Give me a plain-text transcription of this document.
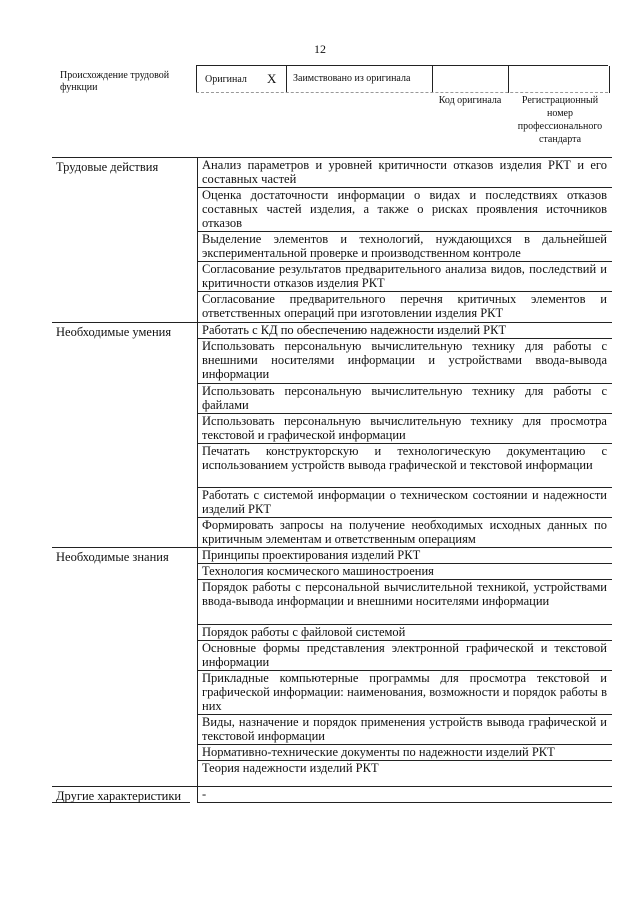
12
Происхождение трудовой функции
Оригинал X Заимствовано из оригинала
Код оригинала	Регистрационный номер профессионального стандарта
Трудовые действия
Необходимые умения
Необходимые знания
Другие характеристики
Анализ параметров и уровней критичности отказов изделия РКТ и его составных частей
Оценка достаточности информации о видах и последствиях отказов составных частей изделия, а также о рисках проявления источников отказов
Выделение элементов и технологий, нуждающихся в дальнейшей экспериментальной проверке и производственном контроле
Согласование результатов предварительного анализа видов, последствий и критичности отказов изделия РКТ
Согласование предварительного перечня критичных элементов и ответственных операций при изготовлении изделия РКТ
Работать с КД по обеспечению надежности изделий РКТ
Использовать персональную вычислительную технику для работы с внешними носителями информации и устройствами ввода-вывода информации
Использовать персональную вычислительную технику для работы с файлами
Использовать персональную вычислительную технику для просмотра текстовой и графической информации
Печатать конструкторскую и технологическую документацию с использованием устройств вывода графической и текстовой информации
Работать с системой информации о техническом состоянии и надежности изделий РКТ
Формировать запросы на получение необходимых исходных данных по критичным элементам и ответственным операциям
Принципы проектирования изделий РКТ
Технология космического машиностроения
Порядок работы с персональной вычислительной техникой, устройствами ввода-вывода информации и внешними носителями информации
Порядок работы с файловой системой
Основные формы представления электронной графической и текстовой информации
Прикладные компьютерные программы для просмотра текстовой и графической информации: наименования, возможности и порядок работы в них
Виды, назначение и порядок применения устройств вывода графической и текстовой информации
Нормативно-технические документы по надежности изделий РКТ
Теория надежности изделий РКТ
-
